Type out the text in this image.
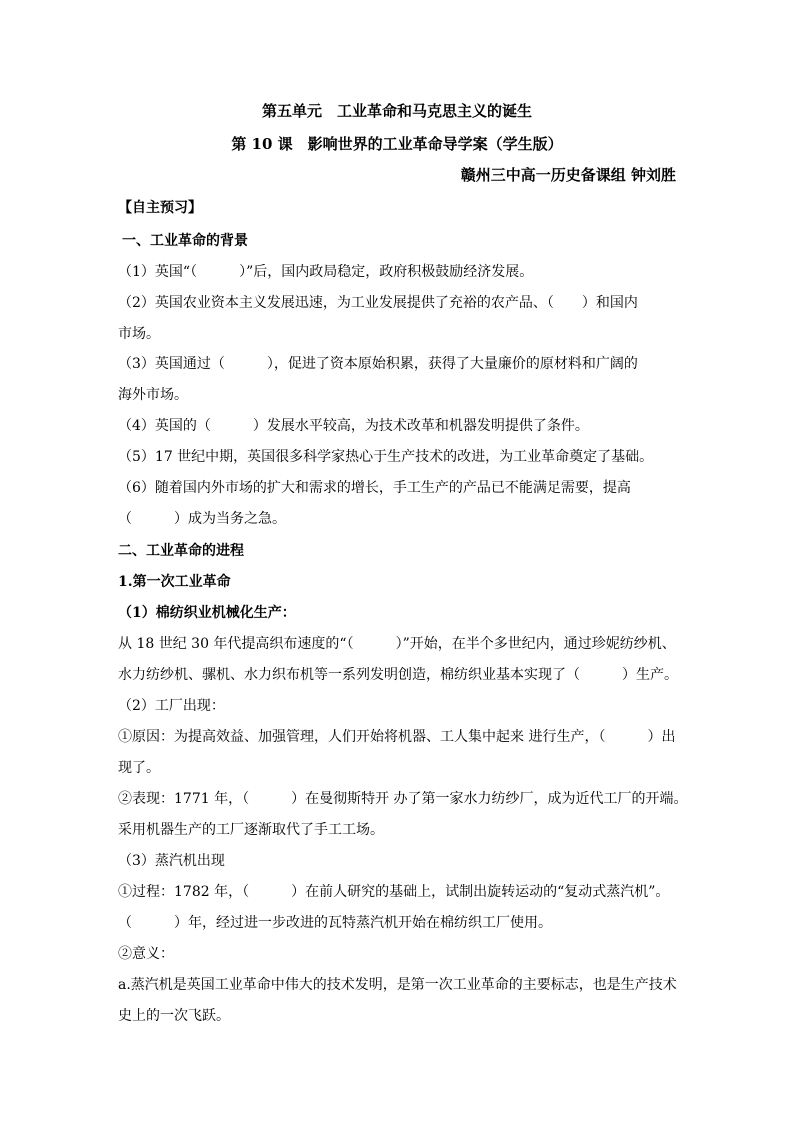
第五单元　工业革命和马克思主义的诞生
第 10 课　影响世界的工业革命导学案（学生版）
赣州三中高一历史备课组 钟刘胜
【自主预习】
一、工业革命的背景
（1）英国“（　　　）”后，国内政局稳定，政府积极鼓励经济发展。
（2）英国农业资本主义发展迅速，为工业发展提供了充裕的农产品、（　　）和国内
市场。
（3）英国通过（　　　），促进了资本原始积累，获得了大量廉价的原材料和广阔的
海外市场。
（4）英国的（　　　）发展水平较高，为技术改革和机器发明提供了条件。
（5）17 世纪中期，英国很多科学家热心于生产技术的改进，为工业革命奠定了基础。
（6）随着国内外市场的扩大和需求的增长，手工生产的产品已不能满足需要，提高
（　　　）成为当务之急。
二、工业革命的进程
1.第一次工业革命
（1）棉纺织业机械化生产：
从 18 世纪 30 年代提高织布速度的“（　　　）”开始，在半个多世纪内，通过珍妮纺纱机、
水力纺纱机、骡机、水力织布机等一系列发明创造，棉纺织业基本实现了（　　　）生产。
（2）工厂出现：
①原因：为提高效益、加强管理，人们开始将机器、工人集中起来 进行生产，（　　　）出
现了。
②表现：1771 年，（　　　）在曼彻斯特开 办了第一家水力纺纱厂，成为近代工厂的开端。
采用机器生产的工厂逐渐取代了手工工场。
（3）蒸汽机出现
①过程：1782 年，（　　　）在前人研究的基础上，试制出旋转运动的“复动式蒸汽机”。
（　　　）年，经过进一步改进的瓦特蒸汽机开始在棉纺织工厂使用。
②意义：
a.蒸汽机是英国工业革命中伟大的技术发明，是第一次工业革命的主要标志，也是生产技术
史上的一次飞跃。
